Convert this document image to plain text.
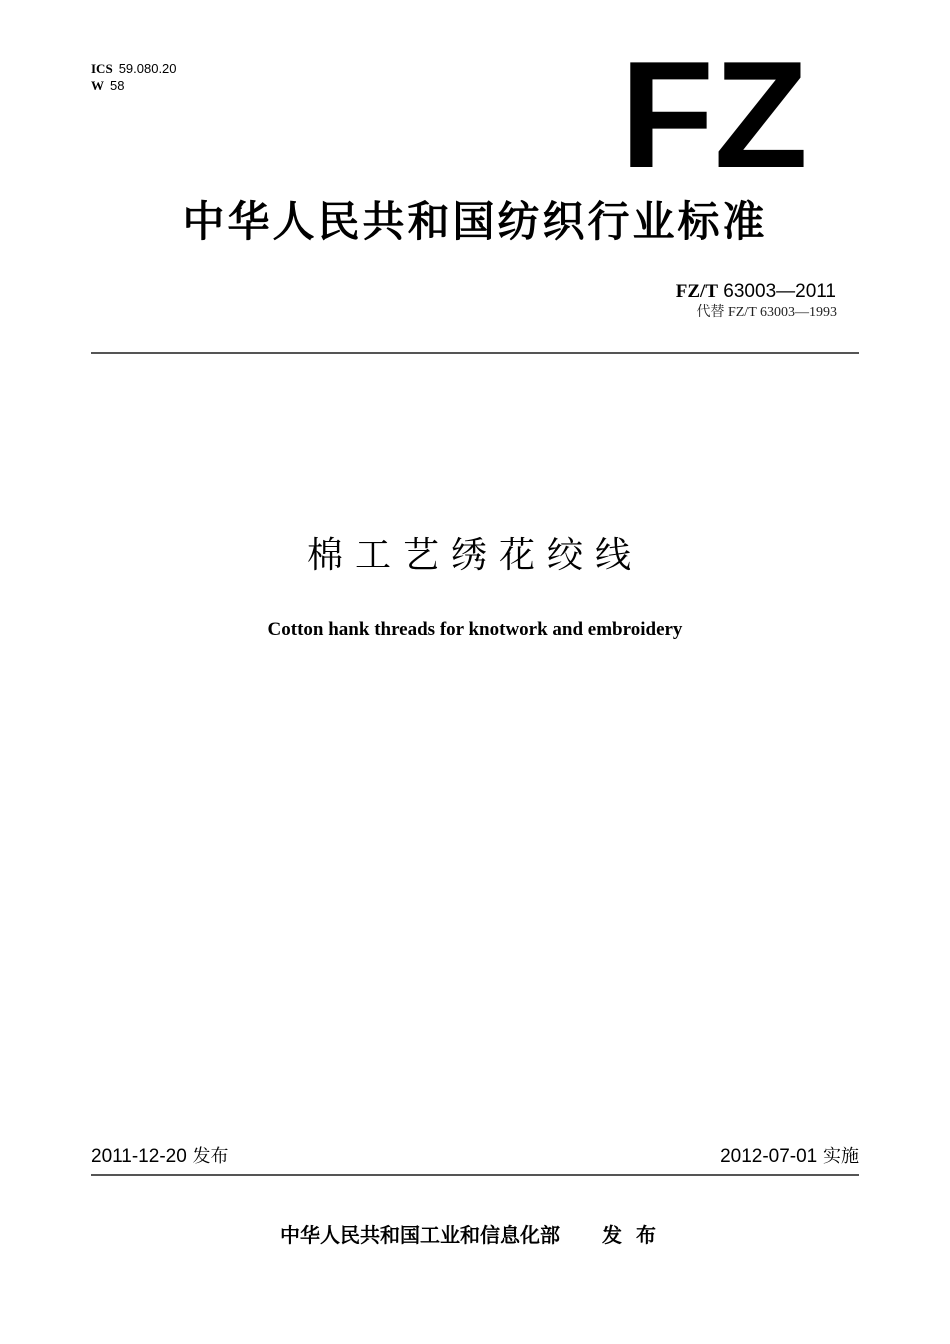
ICS 59.080.20
W 58	FZ
中华人民共和国纺织行业标准
FZ/T 63003—2011
代替 FZ/T 63003—1993
棉工艺绣花绞线
Cotton hank threads for knotwork and embroidery
2011-12-20 发布	2012-07-01 实施
中华人民共和国工业和信息化部 发布
